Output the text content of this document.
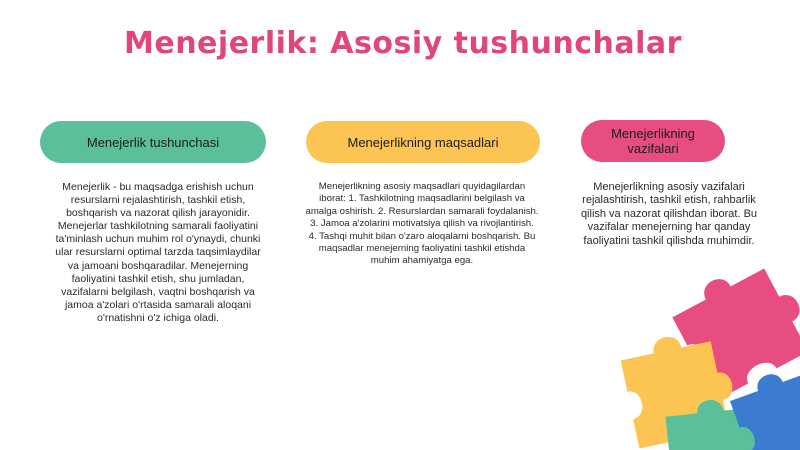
Menejerlik: Asosiy tushunchalar
Menejerlik tushunchasi	Menejerlikning maqsadlari
Menejerlikning vazifalari
Menejerlik - bu maqsadga erishish uchun resurslarni rejalashtirish, tashkil etish, boshqarish va nazorat qilish jarayonidir. Menejerlar tashkilotning samarali faoliyatini ta'minlash uchun muhim rol o'ynaydi, chunki ular resurslarni optimal tarzda taqsimlaydilar va jamoani boshqaradilar. Menejerning faoliyatini tashkil etish, shu jumladan, vazifalarni belgilash, vaqtni boshqarish va jamoa a'zolari o'rtasida samarali aloqani o'rnatishni o'z ichiga oladi.
Menejerlikning asosiy maqsadlari quyidagilardan iborat: 1. Tashkilotning maqsadlarini belgilash va amalga oshirish. 2. Resurslardan samarali foydalanish. 3. Jamoa a'zolarini motivatsiya qilish va rivojlantirish. 4. Tashqi muhit bilan o'zaro aloqalarni boshqarish. Bu maqsadlar menejerning faoliyatini tashkil etishda muhim ahamiyatga ega.
Menejerlikning asosiy vazifalari rejalashtirish, tashkil etish, rahbarlik qilish va nazorat qilishdan iborat. Bu vazifalar menejerning har qanday faoliyatini tashkil qilishda muhimdir.
